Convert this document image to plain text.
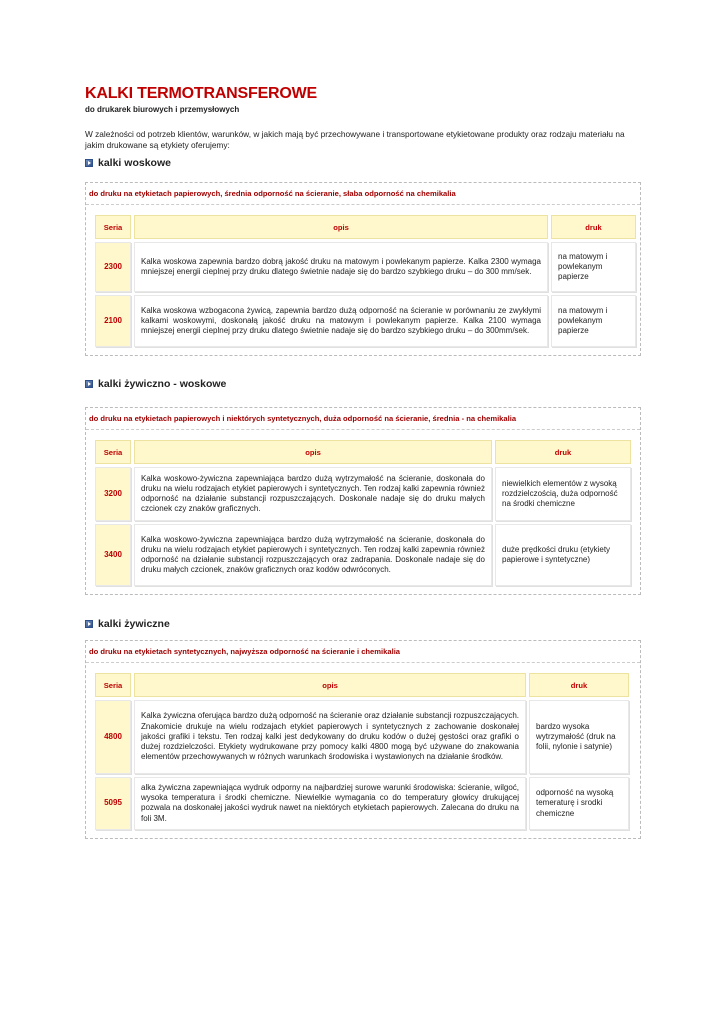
KALKI TERMOTRANSFEROWE
do drukarek biurowych i przemysłowych
W zależności od potrzeb klientów, warunków, w jakich mają być przechowywane i transportowane etykietowane produkty oraz rodzaju materiału na jakim drukowane są etykiety oferujemy:
kalki woskowe
do druku na etykietach papierowych, średnia odporność na ścieranie, słaba odporność na chemikalia
Seria	opis	druk
2300	Kalka woskowa zapewnia bardzo dobrą jakość druku na matowym i powlekanym papierze. Kalka 2300 wymaga mniejszej energii cieplnej przy druku dlatego świetnie nadaje się do bardzo szybkiego druku – do 300 mm/sek.	na matowym i powlekanym papierze
2100	Kalka woskowa wzbogacona żywicą, zapewnia bardzo dużą odporność na ścieranie w porównaniu ze zwykłymi kalkami woskowymi, doskonałą jakość druku na matowym i powlekanym papierze. Kalka 2100 wymaga mniejszej energii cieplnej przy druku dlatego świetnie nadaje się do bardzo szybkiego druku – do 300mm/sek.	na matowym i powlekanym papierze
kalki żywiczno - woskowe
do druku na etykietach papierowych i niektórych syntetycznych, duża odporność na ścieranie, średnia - na chemikalia
Seria	opis	druk
3200	Kalka woskowo-żywiczna zapewniająca bardzo dużą wytrzymałość na ścieranie, doskonała do druku na wielu rodzajach etykiet papierowych i syntetycznych. Ten rodzaj kalki zapewnia również odporność na działanie substancji rozpuszczających. Doskonale nadaje się do druku małych czcionek czy znaków graficznych.	niewielkich elementów z wysoką rozdzielczością, duża odporność na środki chemiczne
3400	Kalka woskowo-żywiczna zapewniająca bardzo dużą wytrzymałość na ścieranie, doskonała do druku na wielu rodzajach etykiet papierowych i syntetycznych. Ten rodzaj kalki zapewnia również odporność na działanie substancji rozpuszczających oraz zadrapania. Doskonale nadaje się do druku małych czcionek, znaków graficznych oraz kodów odwróconych.	duże prędkości druku (etykiety papierowe i syntetyczne)
kalki żywiczne
do druku na etykietach syntetycznych, najwyższa odporność na ścieranie i chemikalia
Seria	opis	druk
4800	Kalka żywiczna oferująca bardzo dużą odporność na ścieranie oraz działanie substancji rozpuszczających. Znakomicie drukuje na wielu rodzajach etykiet papierowych i syntetycznych z zachowanie doskonałej jakości grafiki i tekstu. Ten rodzaj kalki jest dedykowany do druku kodów o dużej gęstości oraz grafiki o dużej rozdzielczości. Etykiety wydrukowane przy pomocy kalki 4800 mogą być używane do znakowania elementów przechowywanych w różnych warunkach środowiska i wystawionych na działanie środków.	bardzo wysoka wytrzymałość (druk na folii, nylonie i satynie)
5095	alka żywiczna zapewniająca wydruk odporny na najbardziej surowe warunki środowiska: ścieranie, wilgoć, wysoka temperatura i środki chemiczne. Niewielkie wymagania co do temperatury głowicy drukującej pozwala na doskonałej jakości wydruk nawet na niektórych etykietach papierowych. Zalecana do druku na foli 3M.	odporność na wysoką temeraturę i srodki chemiczne
